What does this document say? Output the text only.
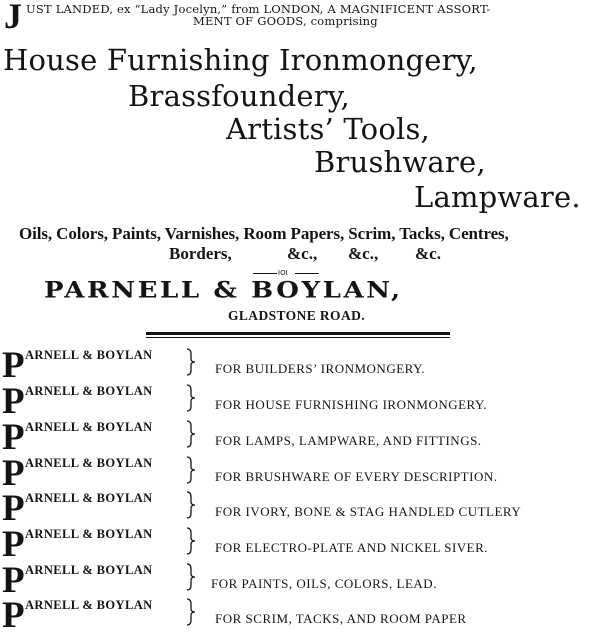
J UST LANDED, ex “Lady Jocelyn,” from LONDON, A MAGNIFICENT ASSORT-
MENT OF GOODS, comprising
House Furnishing Ironmongery,
Brassfoundery,
Artists’ Tools,
Brushware,
Lampware.
Oils, Colors, Paints, Varnishes, Room Papers, Scrim, Tacks, Centres,
Borders,	&c., &c., &c.
IOI
PARNELL & BOYLAN,
GLADSTONE ROAD.
P ARNELL & BOYLAN
FOR BUILDERS’ IRONMONGERY.
P ARNELL & BOYLAN
FOR HOUSE FURNISHING IRONMONGERY.
P ARNELL & BOYLAN
FOR LAMPS, LAMPWARE, AND FITTINGS.
P ARNELL & BOYLAN
FOR BRUSHWARE OF EVERY DESCRIPTION.
P ARNELL & BOYLAN
FOR IVORY, BONE & STAG HANDLED CUTLERY
P ARNELL & BOYLAN
FOR ELECTRO-PLATE AND NICKEL SIVER.
P ARNELL & BOYLAN
FOR PAINTS, OILS, COLORS, LEAD.
P ARNELL & BOYLAN
FOR SCRIM, TACKS, AND ROOM PAPER
